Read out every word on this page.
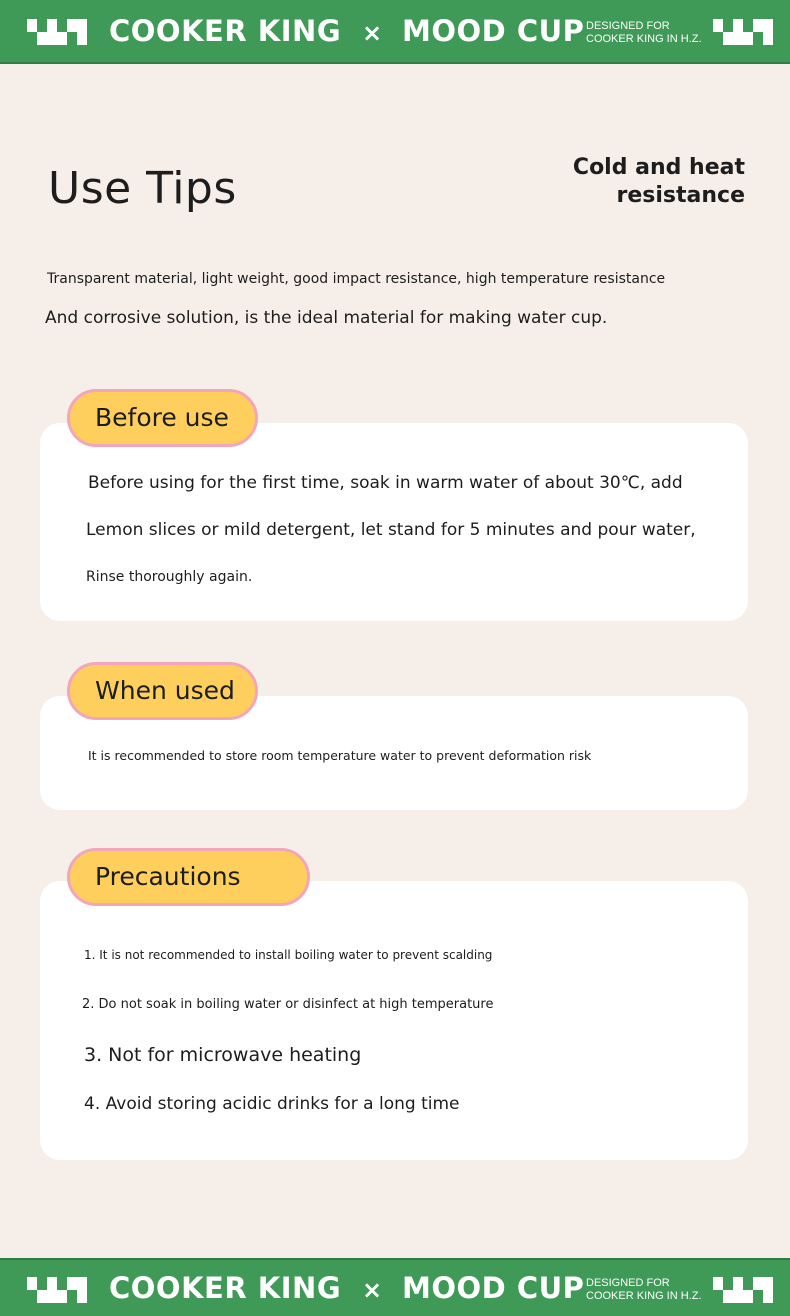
COOKER KING × MOOD CUP DESIGNED FOR
COOKER KING IN H.Z.
Use Tips	Cold and heat resistance

Transparent material, light weight, good impact resistance, high temperature resistance
And corrosive solution, is the ideal material for making water cup.
Before using for the first time, soak in warm water of about 30℃, add
Lemon slices or mild detergent, let stand for 5 minutes and pour water,
Rinse thoroughly again.
Before use
It is recommended to store room temperature water to prevent deformation risk
When used
1. It is not recommended to install boiling water to prevent scalding
2. Do not soak in boiling water or disinfect at high temperature
3. Not for microwave heating
4. Avoid storing acidic drinks for a long time
Precautions
COOKER KING × MOOD CUP DESIGNED FOR
COOKER KING IN H.Z.
